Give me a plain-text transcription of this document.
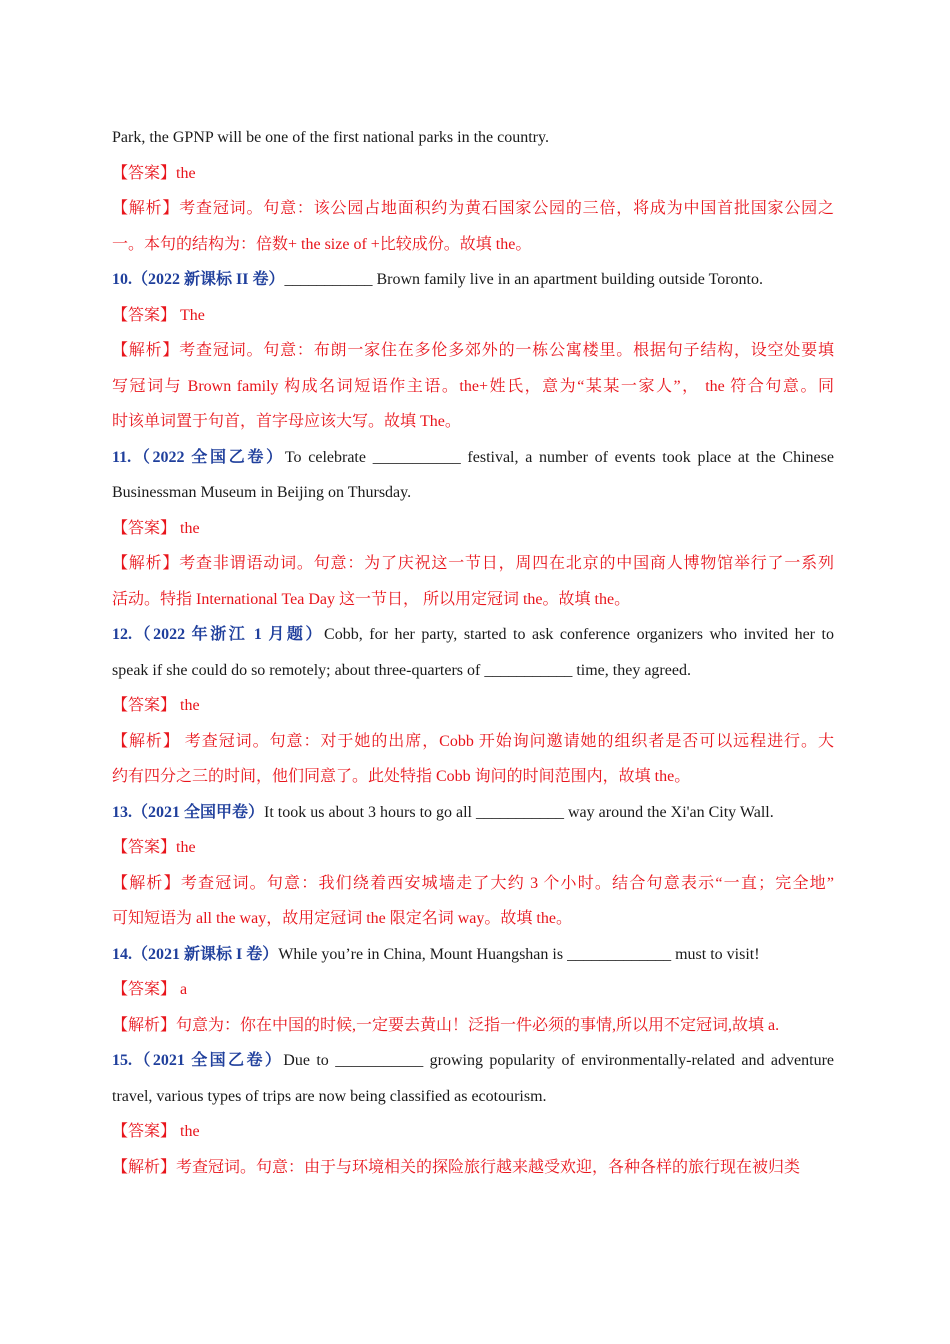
Park, the GPNP will be one of the first national parks in the country.
【答案】the
【解析】考查冠词。句意：该公园占地面积约为黄石国家公园的三倍，将成为中国首批国家公园之
一。本句的结构为：倍数+ the size of +比较成份。故填 the。
10.（2022 新课标 II 卷）___________ Brown family live in an apartment building outside Toronto.
【答案】 The
【解析】考查冠词。句意：布朗一家住在多伦多郊外的一栋公寓楼里。根据句子结构，设空处要填
写冠词与 Brown family 构成名词短语作主语。the+姓氏，意为“某某一家人”， the 符合句意。同
时该单词置于句首，首字母应该大写。故填 The。
11.（2022 全国乙卷）To celebrate ___________ festival, a number of events took place at the Chinese
Businessman Museum in Beijing on Thursday.
【答案】 the
【解析】考查非谓语动词。句意：为了庆祝这一节日，周四在北京的中国商人博物馆举行了一系列
活动。特指 International Tea Day 这一节日， 所以用定冠词 the。故填 the。
12.（2022 年浙江 1 月题）Cobb, for her party, started to ask conference organizers who invited her to
speak if she could do so remotely; about three-quarters of ___________ time, they agreed.
【答案】 the
【解析】 考查冠词。句意：对于她的出席，Cobb 开始询问邀请她的组织者是否可以远程进行。大
约有四分之三的时间，他们同意了。此处特指 Cobb 询问的时间范围内，故填 the。
13.（2021 全国甲卷）It took us about 3 hours to go all ___________ way around the Xi'an City Wall.
【答案】the
【解析】考查冠词。句意：我们绕着西安城墙走了大约 3 个小时。结合句意表示“一直；完全地”
可知短语为 all the way，故用定冠词 the 限定名词 way。故填 the。
14.（2021 新课标 I 卷）While you’re in China, Mount Huangshan is _____________ must to visit!
【答案】 a
【解析】句意为：你在中国的时候,一定要去黄山！泛指一件必须的事情,所以用不定冠词,故填 a.
15.（2021 全国乙卷）Due to ___________ growing popularity of environmentally-related and adventure
travel, various types of trips are now being classified as ecotourism.
【答案】 the
【解析】考查冠词。句意：由于与环境相关的探险旅行越来越受欢迎，各种各样的旅行现在被归类
